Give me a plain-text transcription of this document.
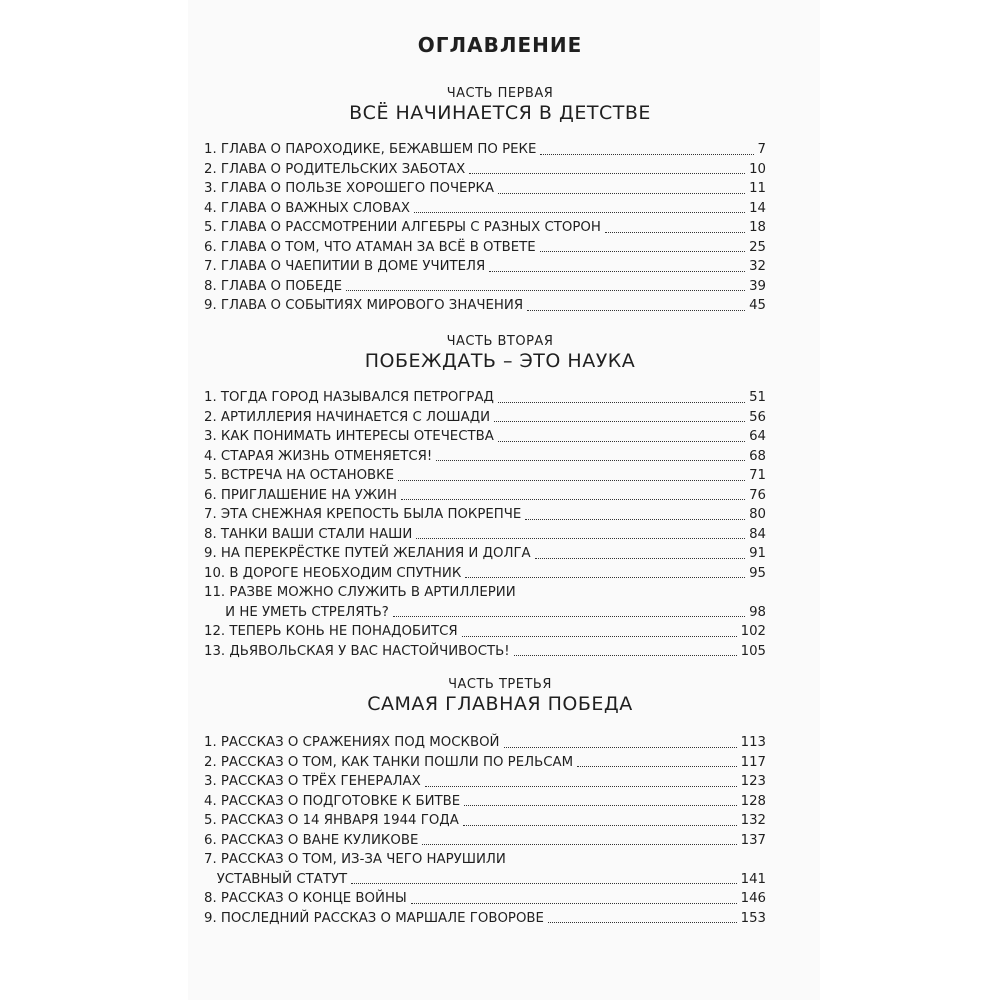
ОГЛАВЛЕНИЕ
ЧАСТЬ ПЕРВАЯ
ВСЁ НАЧИНАЕТСЯ В ДЕТСТВЕ
1. ГЛАВА О ПАРОХОДИКЕ, БЕЖАВШЕМ ПО РЕКЕ	7
2. ГЛАВА О РОДИТЕЛЬСКИХ ЗАБОТАХ	10
3. ГЛАВА О ПОЛЬЗЕ ХОРОШЕГО ПОЧЕРКА	11
4. ГЛАВА О ВАЖНЫХ СЛОВАХ	14
5. ГЛАВА О РАССМОТРЕНИИ АЛГЕБРЫ С РАЗНЫХ СТОРОН	18
6. ГЛАВА О ТОМ, ЧТО АТАМАН ЗА ВСЁ В ОТВЕТЕ	25
7. ГЛАВА О ЧАЕПИТИИ В ДОМЕ УЧИТЕЛЯ	32
8. ГЛАВА О ПОБЕДЕ	39
9. ГЛАВА О СОБЫТИЯХ МИРОВОГО ЗНАЧЕНИЯ	45
ЧАСТЬ ВТОРАЯ
ПОБЕЖДАТЬ – ЭТО НАУКА
1. ТОГДА ГОРОД НАЗЫВАЛСЯ ПЕТРОГРАД	51
2. АРТИЛЛЕРИЯ НАЧИНАЕТСЯ С ЛОШАДИ	56
3. КАК ПОНИМАТЬ ИНТЕРЕСЫ ОТЕЧЕСТВА	64
4. СТАРАЯ ЖИЗНЬ ОТМЕНЯЕТСЯ!	68
5. ВСТРЕЧА НА ОСТАНОВКЕ	71
6. ПРИГЛАШЕНИЕ НА УЖИН	76
7. ЭТА СНЕЖНАЯ КРЕПОСТЬ БЫЛА ПОКРЕПЧЕ	80
8. ТАНКИ ВАШИ СТАЛИ НАШИ	84
9. НА ПЕРЕКРЁСТКЕ ПУТЕЙ ЖЕЛАНИЯ И ДОЛГА	91
10. В ДОРОГЕ НЕОБХОДИМ СПУТНИК	95
11. РАЗВЕ МОЖНО СЛУЖИТЬ В АРТИЛЛЕРИИ
И НЕ УМЕТЬ СТРЕЛЯТЬ?	98
12. ТЕПЕРЬ КОНЬ НЕ ПОНАДОБИТСЯ	102
13. ДЬЯВОЛЬСКАЯ У ВАС НАСТОЙЧИВОСТЬ!	105
ЧАСТЬ ТРЕТЬЯ
САМАЯ ГЛАВНАЯ ПОБЕДА
1. РАССКАЗ О СРАЖЕНИЯХ ПОД МОСКВОЙ	113
2. РАССКАЗ О ТОМ, КАК ТАНКИ ПОШЛИ ПО РЕЛЬСАМ	117
3. РАССКАЗ О ТРЁХ ГЕНЕРАЛАХ	123
4. РАССКАЗ О ПОДГОТОВКЕ К БИТВЕ	128
5. РАССКАЗ О 14 ЯНВАРЯ 1944 ГОДА	132
6. РАССКАЗ О ВАНЕ КУЛИКОВЕ	137
7. РАССКАЗ О ТОМ, ИЗ-ЗА ЧЕГО НАРУШИЛИ
УСТАВНЫЙ СТАТУТ	141
8. РАССКАЗ О КОНЦЕ ВОЙНЫ	146
9. ПОСЛЕДНИЙ РАССКАЗ О МАРШАЛЕ ГОВОРОВЕ	153
